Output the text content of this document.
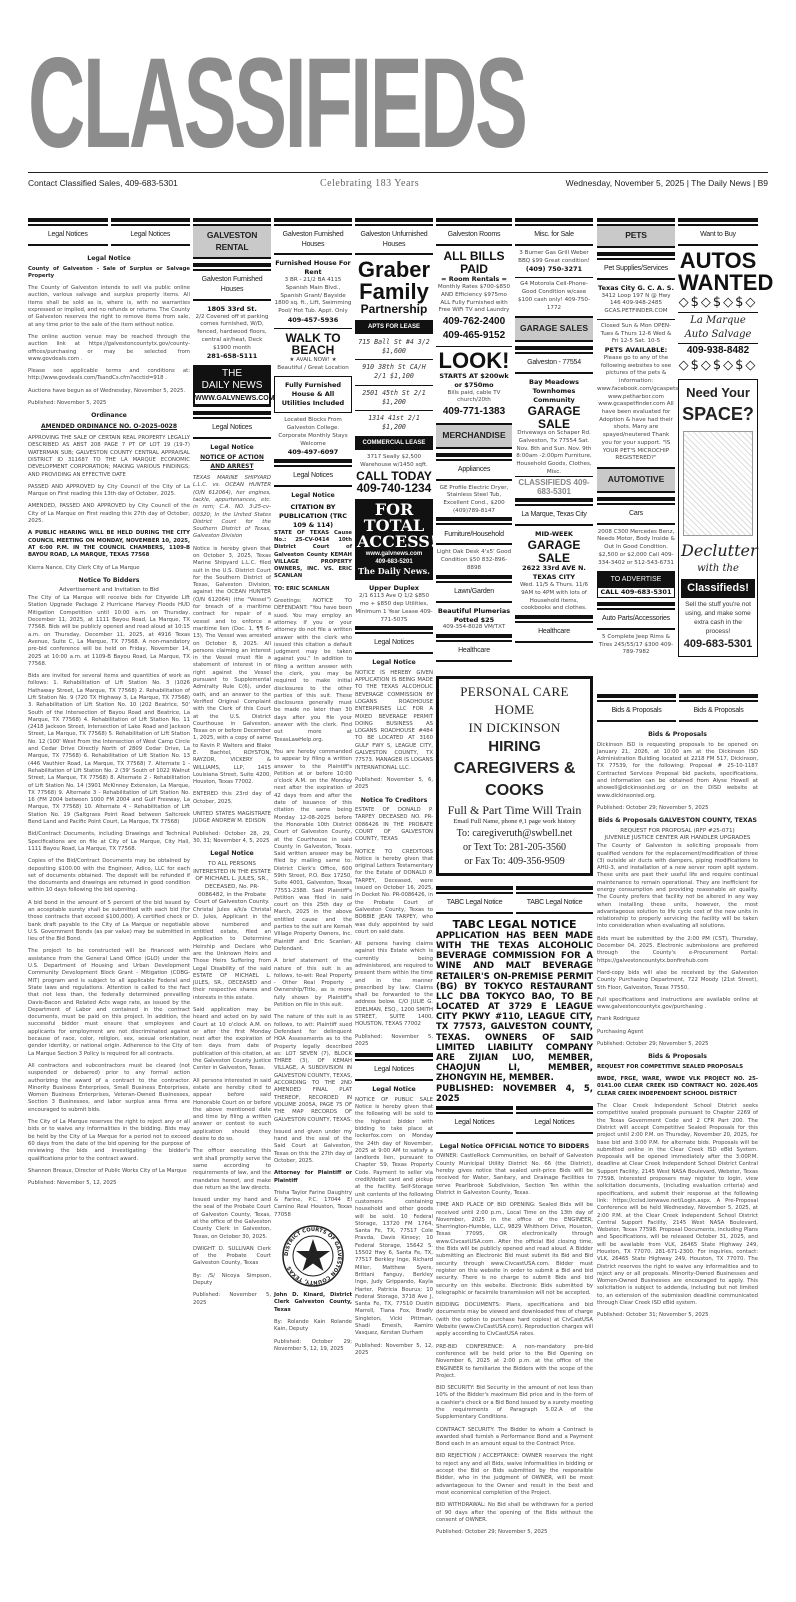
CLASSIFIEDS
Contact Classified Sales, 409-683-5301	Celebrating 183 Years	Wednesday, November 5, 2025 | The Daily News | B9
Legal Notices	Legal Notices
Legal Notice
County of Galveston - Sale of Surplus or Salvage Property
The County of Galveston intends to sell via public online auction, various salvage and surplus property items. All items shall be sold as is, where is, with no warranties expressed or implied, and no refunds or returns. The County of Galveston reserves the right to remove items from sale, at any time prior to the sale of the item without notice.
The online auction venue may be reached through the auction link at https://galvestoncountytx.gov/county-offices/purchasing or may be selected from www.govdeals.com .
Please see applicable terms and conditions at: http://www.govdeals.com/TsandCs.cfm?acctid=918 .
Auctions have begun as of Wednesday, November 5, 2025.
Published: November 5, 2025
Ordinance
AMENDED ORDINANCE NO. O-2025-0028
APPROVING THE SALE OF CERTAIN REAL PROPERTY LEGALLY DESCRIBED AS ABST 208 PAGE 7 PT OF LOT 19 (19-7) WATERMAN SUB; GALVESTON COUNTY CENTRAL APPRAISAL DISTRICT ID 311687 TO THE LA MARQUE ECONOMIC DEVELOPMENT CORPORATION; MAKING VARIOUS FINDINGS; AND PROVIDING AN EFFECTIVE DATE
PASSED AND APPROVED by City Council of the City of La Marque on First reading this 13th day of October, 2025.
AMENDED, PASSED AND APPROVED by City Council of the City of La Marque on First reading this 27th day of October, 2025.
A PUBLIC HEARING WILL BE HELD DURING THE CITY COUNCIL MEETING ON MONDAY, NOVEMBER 10, 2025, AT 6:00 P.M. IN THE COUNCIL CHAMBERS, 1109-B BAYOU ROAD, LA MARQUE, TEXAS 77568
Kierra Nance, City Clerk City of La Marque
Notice To Bidders
Advertisement and Invitation to Bid
The City of La Marque will receive bids for Citywide Lift Station Upgrade Package 2 Hurricane Harvey Floods HUD Mitigation Competition until 10:00 a.m. on Thursday, December 11, 2025, at 1111 Bayou Road, La Marque, TX 77568. Bids will be publicly opened and read aloud at 10:15 a.m. on Thursday, December 11, 2025, at 4916 Texas Avenue, Suite C, La Marque, TX 77568. A non-mandatory pre-bid conference will be held on Friday, November 14, 2025 at 10:00 a.m. at 1109-B Bayou Road, La Marque, TX 77568.
Bids are invited for several items and quantities of work as follows: 1. Rehabilitation of Lift Station No. 3 (1026 Hathaway Street, La Marque, TX 77568) 2. Rehabilitation of Lift Station No. 9 (720 TX Highway 3, La Marque, TX 77568) 3. Rehabilitation of Lift Station No. 10 (202 Beatrice, 50' South of the Intersection of Bayou Road and Beatrice, La Marque, TX 77568) 4. Rehabilitation of Lift Station No. 11 (2418 Jackson Street, Intersection of Lake Road and Jackson Street, La Marque, TX 77568) 5. Rehabilitation of Lift Station No. 12 (100' West From the Intersection of West Camp Circle and Cedar Drive Directly North of 2809 Cedar Drive, La Marque, TX 77568) 6. Rehabilitation of Lift Station No. 13 (446 Vauthier Road, La Marque, TX 77568) 7. Alternate 1 - Rehabilitation of Lift Station No. 2 (39' South of 1022 Walnut Street, La Marque, TX 77568) 8. Alternate 2 - Rehabilitation of Lift Station No. 14 (3901 McKinney Extension, La Marque, TX 77568) 9. Alternate 3 - Rehabilitation of Lift Station No. 16 (FM 2004 between 1000 FM 2004 and Gulf Freeway, La Marque, TX 77568) 10. Alternate 4 - Rehabilitation of Lift Station No. 19 (Saltgrass Point Road between Saltcreek Bend Land and Pacific Point Court, La Marque, TX 77568)
Bid/Contract Documents, including Drawings and Technical Specifications are on file at City of La Marque, City Hall, 1111 Bayou Road, La Marque, TX 77568.
Copies of the Bid/Contract Documents may be obtained by depositing $100.00 with the Engineer, Adico, LLC for each set of documents obtained. The deposit will be refunded if the documents and drawings are returned in good condition within 10 days following the bid opening.
A bid bond in the amount of 5 percent of the bid issued by an acceptable surety shall be submitted with each bid (for those contracts that exceed $100,000). A certified check or bank draft payable to the City of La Marque or negotiable U.S. Government Bonds (as par value) may be submitted in lieu of the Bid Bond.
The project to be constructed will be financed with assistance from the General Land Office (GLO) under the U.S. Department of Housing and Urban Development Community Development Block Grant - Mitigation (CDBG-MIT) program and is subject to all applicable Federal and State laws and regulations. Attention is called to the fact that not less than, the federally determined prevailing Davis-Bacon and Related Acts wage rate, as issued by the Department of Labor and contained in the contract documents, must be paid on this project. In addition, the successful bidder must ensure that employees and applicants for employment are not discriminated against because of race, color, religion, sex, sexual orientation, gender identity, or national origin. Adherence to the City of La Marque Section 3 Policy is required for all contracts.
All contractors and subcontractors must be cleared (not suspended or debarred) prior to any formal action authorizing the award of a contract to the contractor. Minority Business Enterprises, Small Business Enterprises, Women Business Enterprises, Veteran-Owned Businesses, Section 3 Businesses, and labor surplus area firms are encouraged to submit bids.
The City of La Marque reserves the right to reject any or all bids or to waive any informalities in the bidding. Bids may be held by the City of La Marque for a period not to exceed 60 days from the date of the bid opening for the purpose of reviewing the bids and investigating the bidder's qualifications prior to the contract award.
Shannon Breaux, Director of Public Works City of La Marque
Published: November 5, 12, 2025
GALVESTON RENTAL
Galveston Furnished Houses
1805 33rd St.
2/2 Covered off st parking comes furnished, W/D, fenced, hardwood floors, central air/heat, Deck $1900 month
281-658-5111
THE
DAILY NEWS
WWW.GALVNEWS.COM
Legal Notices
Legal Notice
NOTICE OF ACTION AND ARREST
TEXAS MARINE SHIPYARD L.L.C. vs. OCEAN HUNTER (O/N 612064), her engines, tackle, appurtenances, etc. in rem; C.A. NO. 3:25-cv-00320; In the United States District Court for the Southern District of Texas, Galveston Division
Notice is hereby given that on October 3, 2025, Texas Marine Shipyard L.L.C. filed suit in the U.S. District Court for the Southern District of Texas, Galveston Division, against the OCEAN HUNTER (O/N 612064) (the "Vessel") for breach of a maritime contract for repair of a vessel and to enforce a maritime lien (Doc. 1, ¶¶ 6-13). The Vessel was arrested on October 8, 2025. All persons claiming an interest in the Vessel must file a statement of interest in or right against the Vessel pursuant to Supplemental Admiralty Rule C(6), under oath, and an answer to the Verified Original Complaint with the Clerk of this Court at the U.S. District Courthouse in Galveston, Texas on or before December 1, 2025, with a copy of same to Kevin P. Walters and Blake E. Bachtel, ROYSTON, RAYZOR, VICKERY & WILLIAMS, LLP, 1415 Louisiana Street, Suite 4200, Houston, Texas 77002.
ENTERED this 23rd day of October, 2025.
UNITED STATES MAGISTRATE JUDGE ANDREW M. EDISON
Published: October 28, 29, 30, 31; November 4, 5, 2025
Legal Notice
TO ALL PERSONS INTERESTED IN THE ESTATE OF MICHAEL L. JULES, SR., DECEASED, No. PR-0086482, in the Probate Court of Galveston County.
Christal Jules a/k/a Christal D. Jules, Applicant in the above numbered and entitled estate, filed an Application to Determine Heirship and Declare who are the Unknown Heirs and Those Heirs Suffering from Legal Disability of the said ESTATE OF MICHAEL L. JULES, SR., DECEASED and their respective shares and interests in this estate.
Said application may be heard and acted on by said Court at 10 o'clock A.M. on or after the first Monday next after the expiration of ten days from date of publication of this citation, at the Galveston County Justice Center in Galveston, Texas.
All persons interested in said estate are hereby cited to appear before said Honorable Court on or before the above mentioned date and time by filing a written answer or contest to such application should they desire to do so.
The officer executing this writ shall promptly serve the same according to requirements of law, and the mandates hereof, and make due return as the law directs.
Issued under my hand and the seal of the Probate Court of Galveston County, Texas, at the office of the Galveston County Clerk in Galveston, Texas, on October 30, 2025.
DWIGHT D. SULLIVAN Clerk of the Probate Court Galveston County, Texas
By: /S/ Nicoya Simpson, Deputy
Published: November 5, 2025
Galveston Furnished Houses
Furnished House For Rent
3 BR - 21/2 BA 4115 Spanish Main Blvd., Spanish Grant/ Bayside 1800 sq. ft., Lift, Swimming Pool/ Hot Tub. Appt. Only
409-457-5936
WALK TO BEACH
★ AVAIL NOW! ★
Beautiful / Great Location
Fully Furnished House & All Utilities Included
Located Blocks From Galveston College. Corporate Monthly Stays Welcome
409-497-6097
Legal Notices
Legal Notice
CITATION BY PUBLICATION (TRC 109 & 114)
STATE OF TEXAS Cause No.: 25-CV-0414 10th District Court of Galveston County KEMAH VILLAGE PROPERTY OWNERS, INC. VS. ERIC SCANLAN
TO: ERIC SCANLAN
Greetings: NOTICE TO DEFENDANT: "You have been sued. You may employ an attorney. If you or your attorney do not file a written answer with the clerk who issued this citation a default judgment may be taken against you." In addition to filing a written answer with the clerk, you may be required to make initial disclosures to the other parties of this suit. These disclosures generally must be made no later than 30 days after you file your answer with the clerk. Find out more at TexasLawHelp.org.
You are hereby commanded to appear by filing a written answer to the Plaintiff's Petition at or before 10:00 o'clock A.M. on the Monday next after the expiration of 42 days from and after the date of issuance of this citation the same being Monday 12-08-2025 before the Honorable 10th District Court of Galveston County, at the Courthouse in said County in Galveston, Texas. Said written answer may be filed by mailing same to: District Clerk's Office, 600 59th Street, P.O. Box 17250, Suite 4001, Galveston, Texas 77551-2388. Said Plaintiff's Petition was filed in said court on this 25th day of March, 2025 in the above entitled cause and the parties to the suit are Kemah Village Property Owners, Inc. Plaintiff and Eric Scanlan, Defendant.
A brief statement of the nature of this suit is as follows, to-wit: Real Property - Other Real Property - Ownership/Title, as is more fully shown by Plaintiff's Petition on file in this suit.
The nature of this suit is as follows, to wit: Plaintiff sued Defendant for delinquent HOA Assessments as to the Property legally described as: LOT SEVEN (7), BLOCK THREE (3), OF KEMAH VILLAGE, A SUBDIVISION IN GALVESTON COUNTY, TEXAS, ACCORDING TO THE 2ND AMENDED FINAL PLAT THEREOF, RECORDED IN VOLUME 2005A, PAGE 75 OF THE MAP RECORDS OF GALVESTON COUNTY, TEXAS.
Issued and given under my hand and the seal of the Said Court at Galveston, Texas on this the 27th day of October, 2025.
Attorney for Plaintiff or Plaintiff
Trisha Taylor Farine Daughtry & Farine, P.C. 17044 El Camino Real Houston, Texas 77058
DISTRICT COURTS OF GALVESTON COUNTY, TEXAS
John D. Kinard, District Clerk Galveston County, Texas
By: Rolande Kain Rolande Kain, Deputy
Published: October 29; November 5, 12, 19, 2025
Galveston Unfurnished Houses
Graber Family
Partnership
APTS FOR LEASE
715 Ball St #4 3/2 $1,600
910 38th St CA/H 2/1 $1,100
2501 45th St 2/1 $1,200
1314 41st 2/1 $1,200
COMMERCIAL LEASE
3717 Seally $2,500 Warehouse w/1450 sqft.
CALL TODAY 409-740-1234
FOR TOTAL ACCESS!
www.galvnews.com
409-683-5201
The Daily News.
Upper Duplex
2/1 6113 Ave Q 1/2 $850 mo + $850 dep Utilities, Minimum 1 Year Lease 409-771-5075
Legal Notices
Legal Notice
NOTICE IS HEREBY GIVEN APPLICATION IS BEING MADE TO THE TEXAS ALCOHOLIC BEVERAGE COMMISSION BY LOGANS ROADHOUSE ENTERPRISES LLC FOR A MIXED BEVERAGE PERMIT DOING BUSINESS AS LOGANS ROADHOUSE #484 TO BE LOCATED AT 3160 GULF FWY S, LEAGUE CITY, GALVESTON COUNTY, TX 77573. MANAGER IS LOGANS INTERNATIONAL LLC.
Published: November 5, 6, 2025
Notice To Creditors
ESTATE OF DONALD P. TARPEY DECEASED NO. PR-0086426 IN THE PROBATE COURT OF GALVESTON COUNTY, TEXAS
NOTICE TO CREDITORS Notice is hereby given that original Letters Testamentary for the Estate of DONALD P. TARPEY, Deceased, were issued on October 16, 2025, in Docket No. PR-0086426, in the Probate Court of Galveston County, Texas to BOBBIE JEAN TARPEY, who was duly appointed by said court on said date.
All persons having claims against this Estate which is currently being administered, are required to present them within the time and in the manner prescribed by law. Claims shall be forwarded to the address below. C/O JULIE G. EDELMAN, ESQ., 1200 SMITH STREET, SUITE 1400, HOUSTON, TEXAS 77002
Published: November 5, 2025
Legal Notices
Legal Notice
NOTICE OF PUBLIC SALE Notice is hereby given that the following will be sold to the highest bidder with bidding to take place at lockerfox.com on Monday the 24th day of November, 2025 at 9:00 AM to satisfy a landlords lien, pursuant to Chapter 59, Texas Property Code. Payment to seller via credit/debit card and pickup at the facility. Self-Storage unit contents of the following customers containing household and other goods will be sold. 10 Federal Storage, 13720 FM 1764, Santa Fe, TX, 77517 Cole Pravda, Davis Kinsey; 10 Federal Storage, 15642 S. 15502 Hwy 6, Santa Fe, TX, 77517 Berkley Inge, Richard Miller, Matthew Syers, Brittani Fanguy, Berkley Inge, Judy Grippando, Kayla Harter, Patricia Bourus; 10 Federal Storage, 3718 Ave J, Santa Fe, TX, 77510 Dustin Marrell, Tiana Fox, Bradly Singleton, Vicki Pittman, Shadi Emesih, Ramiro Vasquez, Kerstan Durham
Published: November 5, 12, 2025
Galveston Rooms
ALL BILLS PAID
= Room Rentals =
Monthly Rates $700-$850 AND Efficiency $975mo ALL Fully Furnished with Free WiFi TV and Laundry
409-762-2400 409-465-9152
LOOK!
STARTS AT $200wk or $750mo
Bills paid, cable TV church/20th
409-771-1383
MERCHANDISE
Appliances
GE Profile Electric Dryer, Stainless Steel Tub, Excellent Cond., $200 (409)789-8147
Furniture/Household
Light Oak Desk 4'x5' Good Condition $50 832-896-8898
Lawn/Garden
Beautiful Plumerias Potted $25
409-354-8028 VM/TXT
Healthcare
Misc. for Sale
3 Burner Gas Grill Weber BBQ $99 Great condition!
(409) 750-3271
G4 Motorola Cell-Phone-Good Condition w/case $100 cash only! 409-750-1772
GARAGE SALES
Galveston - 77554
Bay Meadows Townhomes Community
GARAGE SALE
Driveways on Schaper Rd. Galveston, Tx 77554 Sat. Nov. 8th and Sun. Nov. 9th 8:00am -2:00pm Furniture, Household Goods, Clothes, Misc.
CLASSIFIEDS 409-683-5301
La Marque, Texas City
MID-WEEK
GARAGE SALE
2622 33rd AVE N. TEXAS CITY
Wed. 11/5 & Thurs. 11/6 9AM to 4PM with lots of Household items, cookbooks and clothes.
Healthcare
PERSONAL CARE HOME
IN DICKINSON
HIRING
CAREGIVERS & COOKS
Full & Part Time Will Train
Email Full Name, phone #,1 page work history
To: caregiveruth@swbell.net
or Text To: 281-205-3560
or Fax To: 409-356-9509
TABC Legal Notice	TABC Legal Notice
TABC LEGAL NOTICE
APPLICATION HAS BEEN MADE WITH THE TEXAS ALCOHOLIC BEVERAGE COMMISSION FOR A WINE AND MALT BEVERAGE RETAILER'S ON-PREMISE PERMIT (BG) BY TOKYCO RESTAURANT LLC DBA TOKYCO BAO, TO BE LOCATED AT 3729 E LEAGUE CITY PKWY #110, LEAGUE CITY, TX 77573, GALVESTON COUNTY, TEXAS. OWNERS OF SAID LIMITED LIABILITY COMPANY ARE ZIJIAN LUO, MEMBER, CHAOJUN LI, MEMBER, ZHONGYIN HE, MEMBER.
PUBLISHED: NOVEMBER 4, 5, 2025
Legal Notices	Legal Notices
Legal Notice OFFICIAL NOTICE TO BIDDERS
OWNER: CastleRock Communities, on behalf of Galveston County Municipal Utility District No. 66 (the District), hereby gives notice that sealed unit-price Bids will be received for Water, Sanitary, and Drainage Facilities to serve Pearlbrook Subdivision, Section Ten within the District in Galveston County, Texas.
TIME AND PLACE OF BID OPENING: Sealed Bids will be received until 2:00 p.m., Local Time on the 13th day of November, 2025 in the office of the ENGINEER, Sherrington-Humble, LLC, 9829 Whithorn Drive, Houston, Texas 77095, OR electronically through www.CivcastUSA.com. After the official Bid closing time, the Bids will be publicly opened and read aloud. A Bidder submitting an Electronic Bid must submit its Bid and Bid security through www.CivcastUSA.com. Bidder must register on this website in order to submit a Bid and bid security. There is no charge to submit Bids and bid security on this website. Electronic Bids submitted by telegraphic or facsimile transmission will not be accepted.
BIDDING DOCUMENTS: Plans, specifications and bid documents may be viewed and downloaded free of charge (with the option to purchase hard copies) at CivCastUSA Website (www.CivCastUSA.com). Reproduction charges will apply according to CivCastUSA rates.
PRE-BID CONFERENCE: A non-mandatory pre-bid conference will be held prior to the Bid Opening on November 6, 2025 at 2:00 p.m. at the office of the ENGINEER to familiarize the Bidders with the scope of the Project.
BID SECURITY: Bid Security in the amount of not less than 10% of the Bidder's maximum Bid price and in the form of a cashier's check or a Bid Bond issued by a surety meeting the requirements of Paragraph 5.02.A of the Supplementary Conditions.
CONTRACT SECURITY: The Bidder to whom a Contract is awarded shall furnish a Performance Bond and a Payment Bond each in an amount equal to the Contract Price.
BID REJECTION / ACCEPTANCE: OWNER reserves the right to reject any and all Bids, waive informalities in bidding or accept the Bid or Bids submitted by the responsible Bidder, who in the judgment of OWNER, will be most advantageous to the Owner and result in the best and most economical completion of the Project.
BID WITHDRAWAL: No Bid shall be withdrawn for a period of 90 days after the opening of the Bids without the consent of OWNER.
Published: October 29; November 5, 2025
PETS
Pet Supplies/Services
Texas City G. C. A. S.
3412 Loop 197 N @ Hwy 146 409-948-2485 GCAS.PETFINDER.COM
Closed Sun & Mon OPEN-Tues & Thurs 12-6 Wed & Fri 12-5 Sat. 10-5
PETS AVAILABLE:
Please go to any of the following websites to see pictures of the pets & information: www.facebook.com/gcaspets www.petharbor.com www.gcaspetfinder.com All have been evaluated for Adoption & have had their shots. Many are spayed/neutered Thank you for your support. "IS YOUR PET'S MICROCHIP REGISTERED?"
AUTOMOTIVE
Cars
2008 C300 Mercedes Benz, Needs Motor, Body Inside & Out In Good Condition. $2,500 or $2,000 Call 409-334-3402 or 512-543-6731
TO ADVERTISE
CALL 409-683-5301
Auto Parts/Accessories
5 Complete Jeep Rims & Tires 245/55/17 $300 409-789-7982
Want to Buy
AUTOS WANTED
◇$◇$◇$◇
La Marque Auto Salvage
409-938-8482
◇$◇$◇$◇
Need Your
SPACE?
Declutter
with the
Classifieds!
Sell the stuff you're not using, and make some extra cash in the process!
409-683-5301
Bids & Proposals	Bids & Proposals
Bids & Proposals
Dickinson ISD is requesting proposals to be opened on January 21, 2026, at 10:00 am at the Dickinson ISD Administration Building located at 2218 FM 517, Dickinson, TX 77539, for the following: Proposal # 25-10-1187 Contracted Services Proposal bid packets, specifications, and information can be obtained from Alyse Howell at ahowell@dickinsonisd.org or on the DISD website at www.dickinsonisd.org.
Published: October 29; November 5, 2025
Bids & Proposals GALVESTON COUNTY, TEXAS
REQUEST FOR PROPOSAL (RFP #25-071)
JUVENILE JUSTICE CENTER AIR HANDLER UPGRADES
The County of Galveston is soliciting proposals from qualified vendors for the replacement/modification of three (3) outside air ducts with dampers, piping modifications to AHU-3, and installation of a new server room split system. These units are past their useful life and require continual maintenance to remain operational. They are inefficient for energy consumption and providing reasonable air quality. The County prefers that facility not be altered in any way when installing these units, however, the most advantageous solution to life cycle cost of the new units in relationship to properly servicing the facility will be taken into consideration when evaluating all solutions.
Bids must be submitted by the 2:00 PM (CST), Thursday, December 04, 2025. Electronic submissions are preferred through the County's e-Procurement Portal: https://galvestoncountytx.bonfirehub.com
Hard-copy bids will also be received by the Galveston County Purchasing Department, 722 Moody (21st Street), 5th Floor, Galveston, Texas 77550.
Full specifications and instructions are available online at www.galvestoncountytx.gov/purchasing .
Frank Rodriguez
Purchasing Agent
Published: October 29; November 5, 2025
Bids & Proposals
REQUEST FOR COMPETITIVE SEALED PROPOSALS
BWDE, FRGE, WARE, WWDE VLK PROJECT NO. 25-0141.00 CLEAR CREEK ISD CONTRACT NO. 2026.405 CLEAR CREEK INDEPENDENT SCHOOL DISTRICT
The Clear Creek Independent School District seeks competitive sealed proposals pursuant to Chapter 2269 of the Texas Government Code and 2 CFR Part 200. The District will accept Competitive Sealed Proposals for this project until 2:00 P.M. on Thursday, November 20, 2025, for base bid and 3:00 P.M. for alternate bids. Proposals will be submitted online in the Clear Creek ISD eBid System. Proposals will be opened immediately after the 3:00P.M. deadline at Clear Creek Independent School District Central Support Facility, 2145 West NASA Boulevard, Webster, Texas 77598. Interested proposers may register to login, view solicitation documents, (including evaluation criteria) and specifications, and submit their response at the following link: https://ccisd.ionwave.net/Login.aspx. A Pre-Proposal Conference will be held Wednesday, November 5, 2025, at 2:00 P.M. at the Clear Creek Independent School District Central Support Facility, 2145 West NASA Boulevard, Webster, Texas 77598. Proposal Documents, including Plans and Specifications, will be released October 31, 2025, and will be available from VLK, 26465 State Highway 249, Houston, TX 77070. 281-671-2300. For inquiries, contact: VLK, 26465 State Highway 249, Houston, TX 77070. The District reserves the right to waive any informalities and to reject any or all proposals. Minority-Owned Businesses and Women-Owned Businesses are encouraged to apply. This solicitation is subject to addenda, including but not limited to, an extension of the submission deadline communicated through Clear Creek ISD eBid system.
Published: October 31; November 5, 2025
